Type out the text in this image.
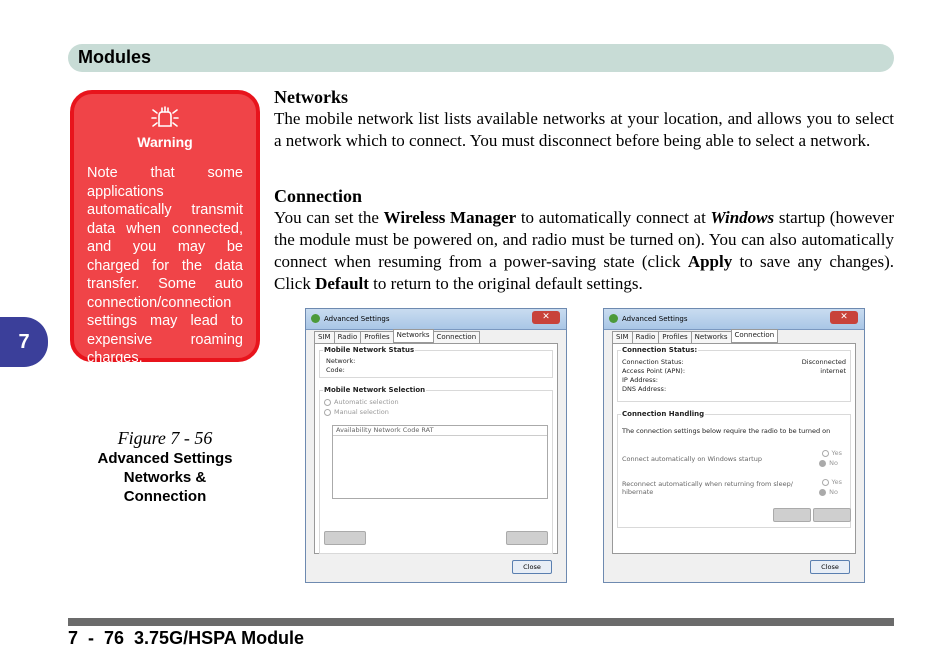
Modules
7
Warning
Note that some applications automatically transmit data when connected, and you may be charged for the data transfer. Some auto connection/connection settings may lead to expensive roaming charges.
Figure 7 - 56
Advanced Settings
Networks &
Connection
Networks

The mobile network list lists available networks at your location, and allows you to select a network which to connect. You must disconnect before being able to select a network.

Connection

You can set the Wireless Manager to automatically connect at Windows startup (however the module must be powered on, and radio must be turned on). You can also automatically connect when resuming from a power-saving state (click Apply to save any changes). Click Default to return to the original default settings.

Advanced Settings	✕
SIM	Radio	Profiles	Networks	Connection
Mobile Network Status
Network:
Code:
Mobile Network Selection
Automatic selection
Manual selection
Availability Network Code RAT
Close
Advanced Settings	✕
SIM	Radio	Profiles	Networks	Connection
Connection Status:
Connection Status:	Disconnected
Access Point (APN):	internet
IP Address:
DNS Address:
Connection Handling
The connection settings below require the radio to be turned on
Connect automatically on Windows startup
Yes
No
Reconnect automatically when returning from sleep/
hibernate
Yes
No
Close
7  -  76  3.75G/HSPA Module
